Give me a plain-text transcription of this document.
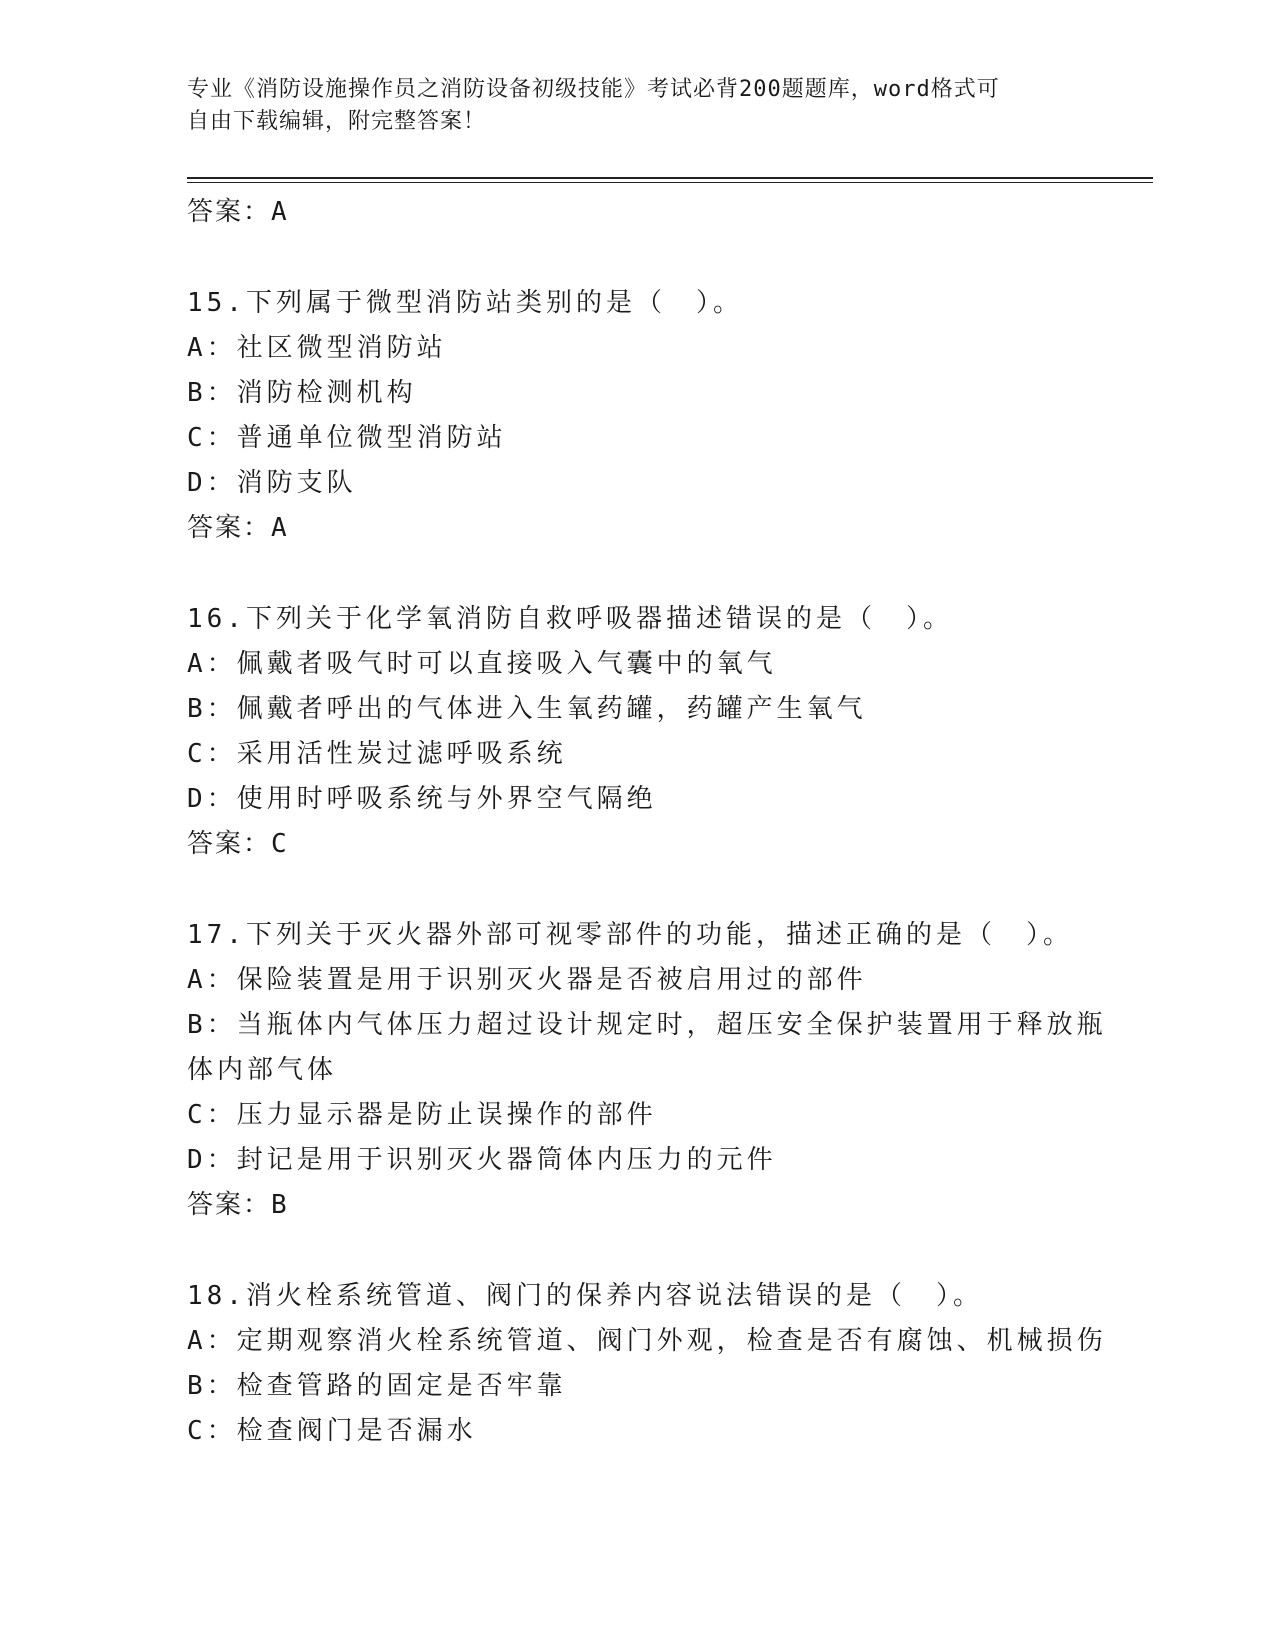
专业《消防设施操作员之消防设备初级技能》考试必背200题题库，word格式可
自由下载编辑，附完整答案！
答案：A
15.下列属于微型消防站类别的是（　）。
A：社区微型消防站
B：消防检测机构
C：普通单位微型消防站
D：消防支队
答案：A
16.下列关于化学氧消防自救呼吸器描述错误的是（　）。
A：佩戴者吸气时可以直接吸入气囊中的氧气
B：佩戴者呼出的气体进入生氧药罐，药罐产生氧气
C：采用活性炭过滤呼吸系统
D：使用时呼吸系统与外界空气隔绝
答案：C
17.下列关于灭火器外部可视零部件的功能，描述正确的是（　）。
A：保险装置是用于识别灭火器是否被启用过的部件
B：当瓶体内气体压力超过设计规定时，超压安全保护装置用于释放瓶
体内部气体
C：压力显示器是防止误操作的部件
D：封记是用于识别灭火器筒体内压力的元件
答案：B
18.消火栓系统管道、阀门的保养内容说法错误的是（　）。
A：定期观察消火栓系统管道、阀门外观，检查是否有腐蚀、机械损伤
B：检查管路的固定是否牢靠
C：检查阀门是否漏水
